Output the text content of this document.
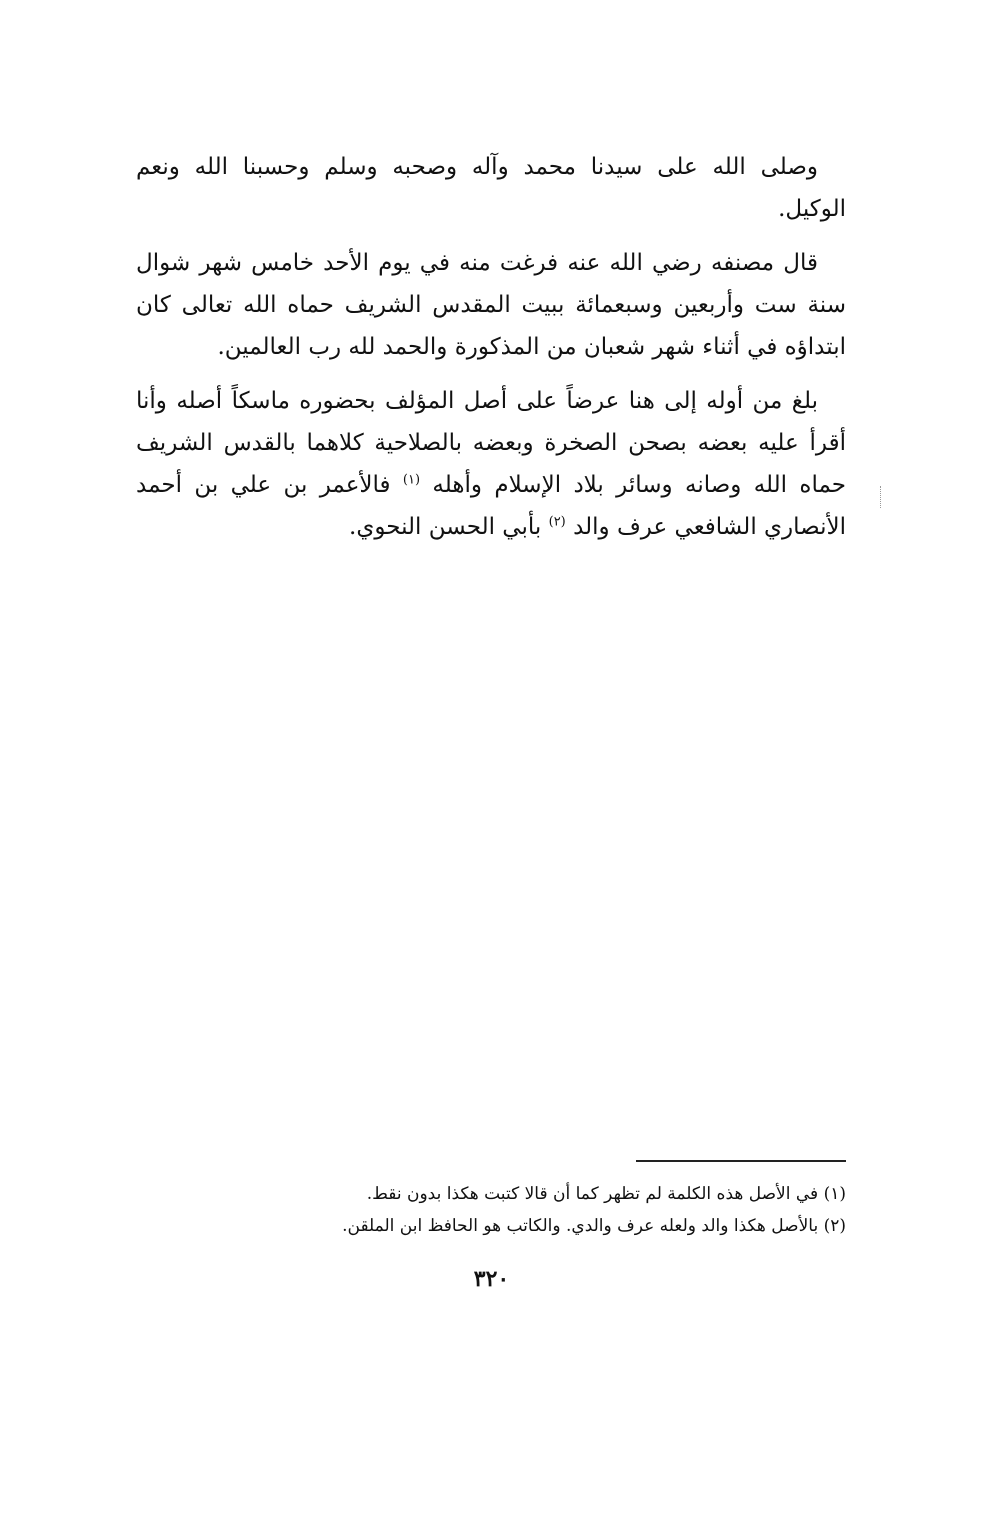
وصلى الله على سيدنا محمد وآله وصحبه وسلم وحسبنا الله ونعم الوكيل.

قال مصنفه رضي الله عنه فرغت منه في يوم الأحد خامس شهر شوال سنة ست وأربعين وسبعمائة ببيت المقدس الشريف حماه الله تعالى كان ابتداؤه في أثناء شهر شعبان من المذكورة والحمد لله رب العالمين.

بلغ من أوله إلى هنا عرضاً على أصل المؤلف بحضوره ماسكاً أصله وأنا أقرأ عليه بعضه بصحن الصخرة وبعضه بالصلاحية كلاهما بالقدس الشريف حماه الله وصانه وسائر بلاد الإسلام وأهله $^{(١)}$ فالأعمر بن علي بن أحمد الأنصاري الشافعي عرف والد $^{(٢)}$ بأبي الحسن النحوي.

(١) في الأصل هذه الكلمة لم تظهر كما أن قالا كتبت هكذا بدون نقط.

(٢) بالأصل هكذا والد ولعله عرف والدي. والكاتب هو الحافظ ابن الملقن.

٣٢٠
